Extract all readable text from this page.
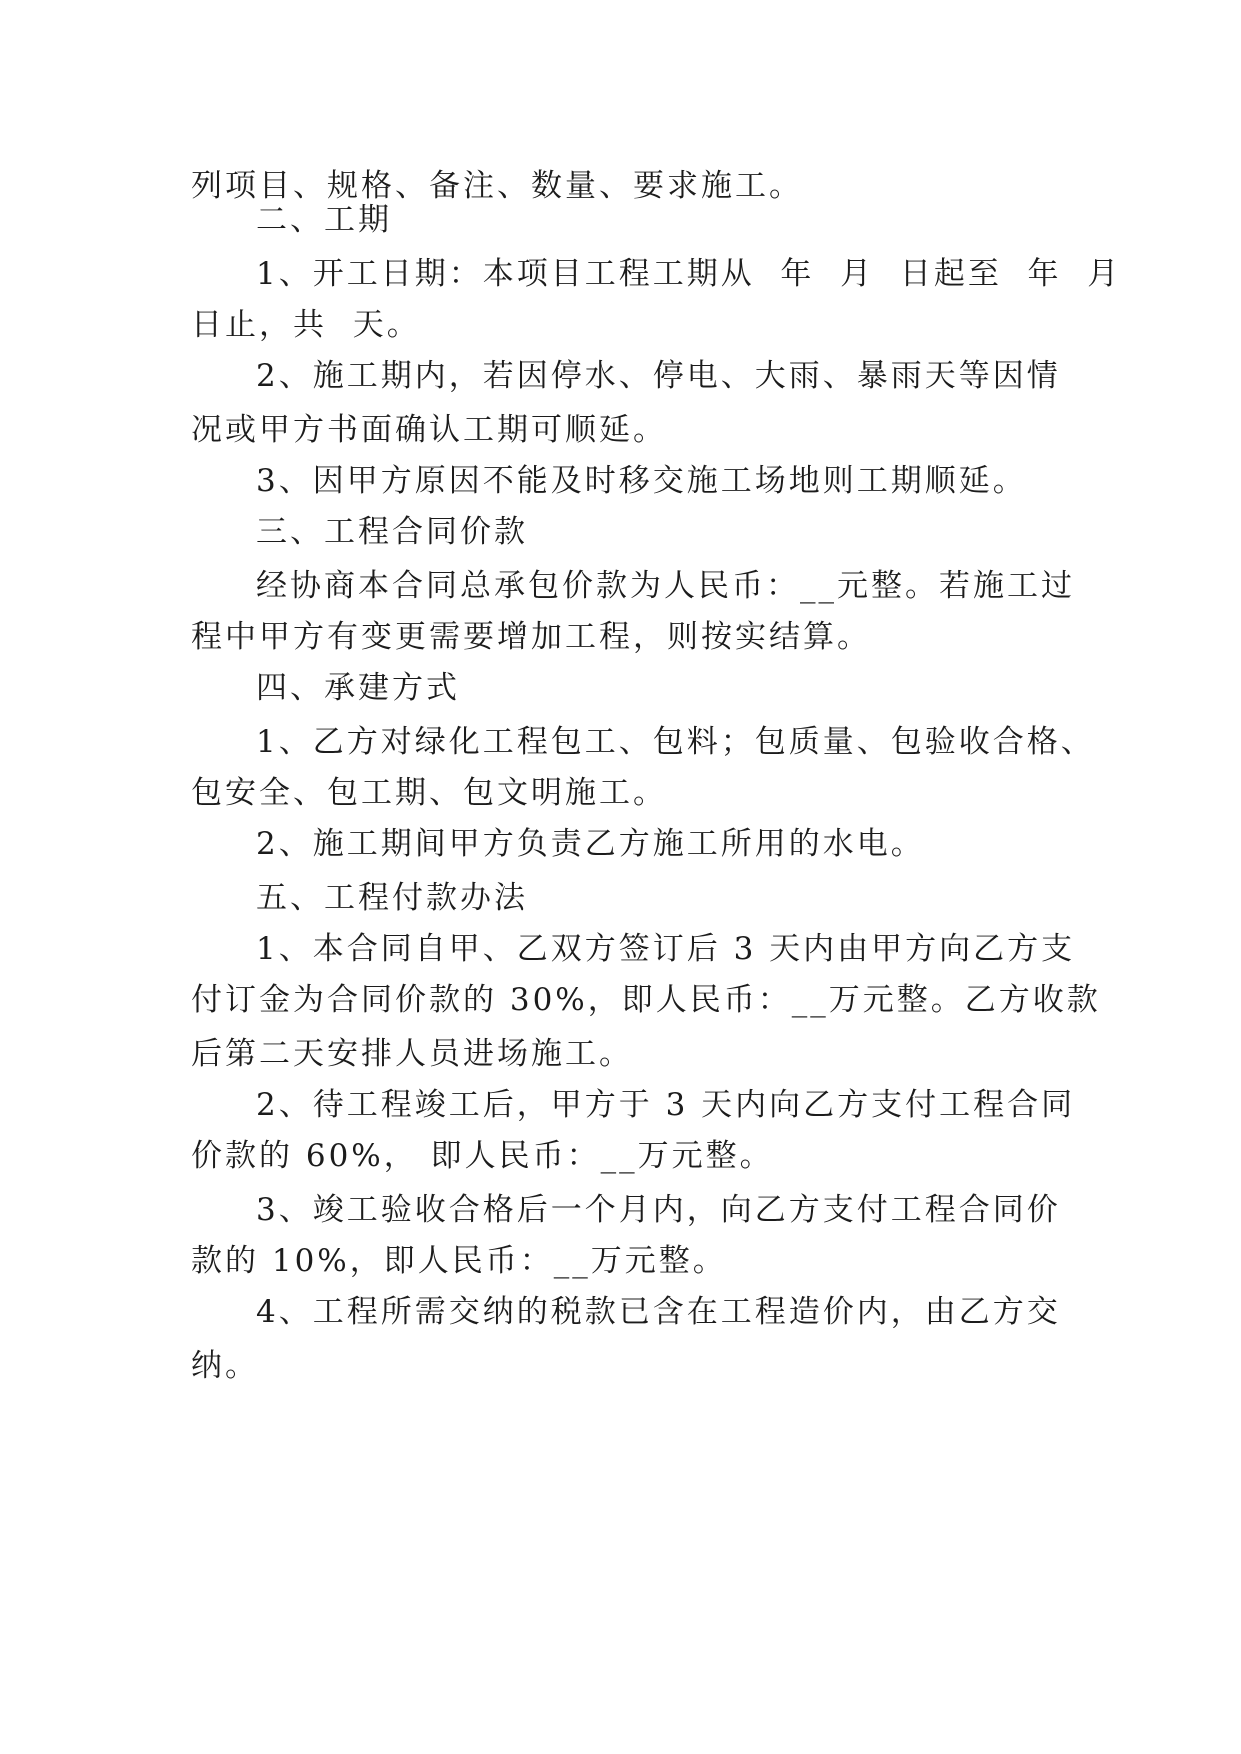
列项目、规格、备注、数量、要求施工。
二、工期
1、开工日期：本项目工程工期从  年  月  日起至  年  月
日止，共  天。
2、施工期内，若因停水、停电、大雨、暴雨天等因情
况或甲方书面确认工期可顺延。
3、因甲方原因不能及时移交施工场地则工期顺延。
三、工程合同价款
经协商本合同总承包价款为人民币：__元整。若施工过
程中甲方有变更需要增加工程，则按实结算。
四、承建方式
1、乙方对绿化工程包工、包料；包质量、包验收合格、
包安全、包工期、包文明施工。
2、施工期间甲方负责乙方施工所用的水电。
五、工程付款办法
1、本合同自甲、乙双方签订后 3 天内由甲方向乙方支
付订金为合同价款的 30%，即人民币：__万元整。乙方收款
后第二天安排人员进场施工。
2、待工程竣工后，甲方于 3 天内向乙方支付工程合同
价款的 60%， 即人民币：__万元整。
3、竣工验收合格后一个月内，向乙方支付工程合同价
款的 10%，即人民币：__万元整。
4、工程所需交纳的税款已含在工程造价内，由乙方交
纳。
